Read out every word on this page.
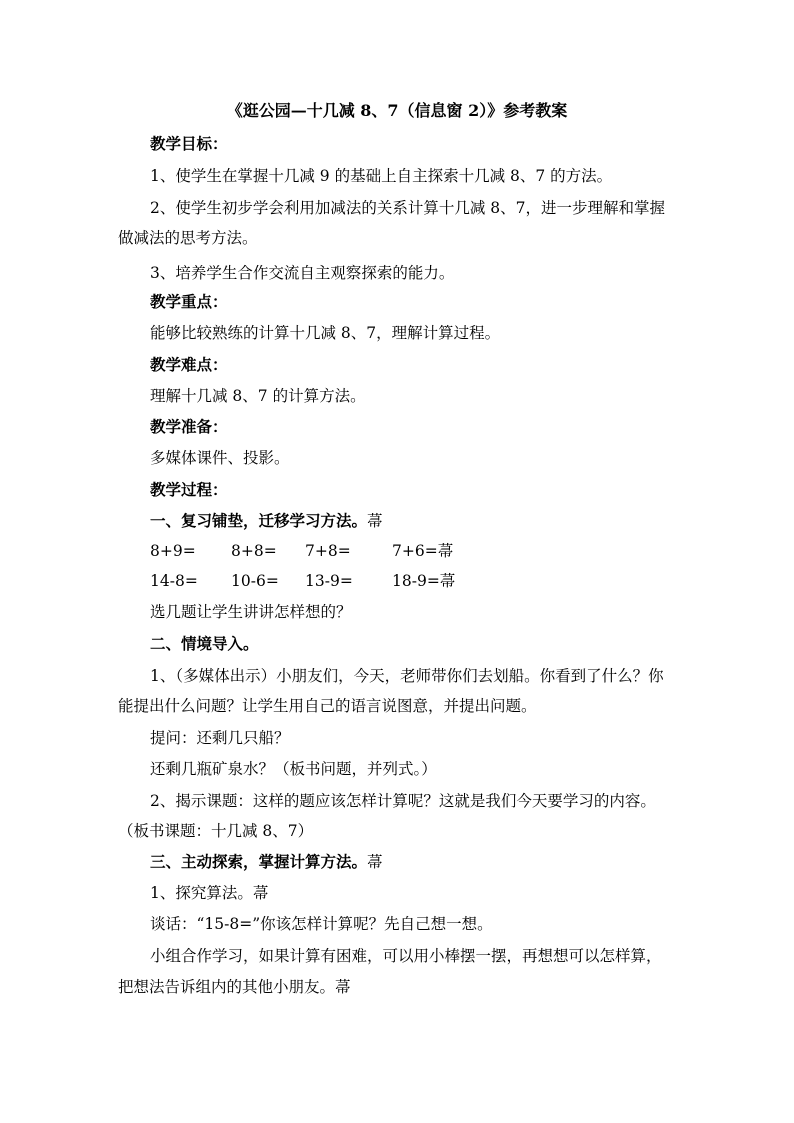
《逛公园—十几减 8、7（信息窗 2）》参考教案
教学目标：
1、使学生在掌握十几减 9 的基础上自主探索十几减 8、7 的方法。
2、使学生初步学会利用加减法的关系计算十几减 8、7，进一步理解和掌握
做减法的思考方法。
3、培养学生合作交流自主观察探索的能力。
教学重点：
能够比较熟练的计算十几减 8、7，理解计算过程。
教学难点：
理解十几减 8、7 的计算方法。
教学准备：
多媒体课件、投影。
教学过程：
一、复习铺垫，迁移学习方法。菷
8+9= 8+8= 7+8=	7+6=菷
14-8= 10-6= 13-9=	18-9=菷
选几题让学生讲讲怎样想的？
二、情境导入。
1、（多媒体出示）小朋友们，今天，老师带你们去划船。你看到了什么？你
能提出什么问题？让学生用自己的语言说图意，并提出问题。
提问：还剩几只船？
还剩几瓶矿泉水？（板书问题，并列式。）
2、揭示课题：这样的题应该怎样计算呢？这就是我们今天要学习的内容。
（板书课题：十几减 8、7）
三、主动探索，掌握计算方法。菷
1、探究算法。菷
谈话：“15-8=”你该怎样计算呢？先自己想一想。
小组合作学习，如果计算有困难，可以用小棒摆一摆，再想想可以怎样算，
把想法告诉组内的其他小朋友。菷
